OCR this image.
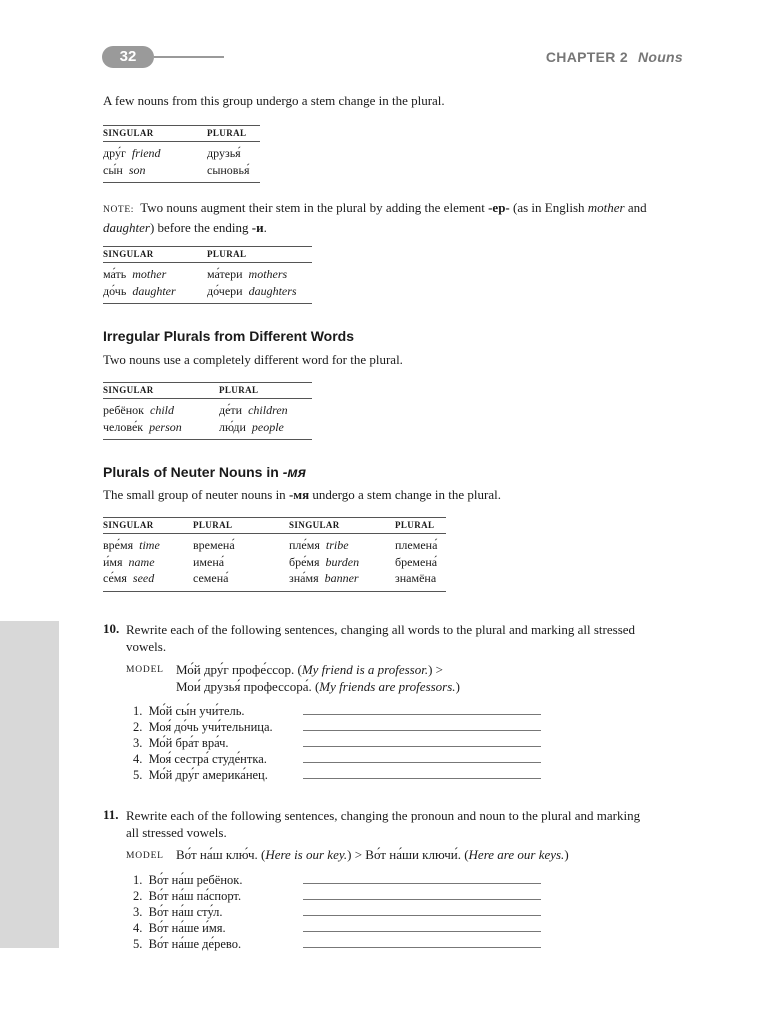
32	CHAPTER 2 Nouns
A few nouns from this group undergo a stem change in the plural.
SINGULAR	PLURAL
дру́г friend	друзья́
сы́н son	сыновья́
NOTE: Two nouns augment their stem in the plural by adding the element -ер- (as in English mother and
daughter) before the ending -и.
SINGULAR	PLURAL
ма́ть mother	ма́тери mothers
до́чь daughter	до́чери daughters
Irregular Plurals from Different Words
Two nouns use a completely different word for the plural.
SINGULAR	PLURAL
ребёнок child	де́ти children
челове́к person	лю́ди people
Plurals of Neuter Nouns in -мя
The small group of neuter nouns in -мя undergo a stem change in the plural.
SINGULAR	PLURAL	SINGULAR	PLURAL
вре́мя time	времена́	пле́мя tribe	племена́
и́мя name	имена́	бре́мя burden	бремена́
се́мя seed	семена́	зна́мя banner	знамёна
10. Rewrite each of the following sentences, changing all words to the plural and marking all stressed
vowels.
MODEL Мо́й дру́г профе́ссор. (My friend is a professor.) >
Мои́ друзья́ профессора́. (My friends are professors.)
1. Мо́й сы́н учи́тель.
2. Моя́ до́чь учи́тельница.
3. Мо́й бра́т вра́ч.
4. Моя́ сестра́ студе́нтка.
5. Мо́й дру́г америка́нец.
11. Rewrite each of the following sentences, changing the pronoun and noun to the plural and marking
all stressed vowels.
MODEL Во́т на́ш клю́ч. (Here is our key.) > Во́т на́ши ключи́. (Here are our keys.)
1. Во́т на́ш ребёнок.
2. Во́т на́ш па́спорт.
3. Во́т на́ш сту́л.
4. Во́т на́ше и́мя.
5. Во́т на́ше де́рево.
